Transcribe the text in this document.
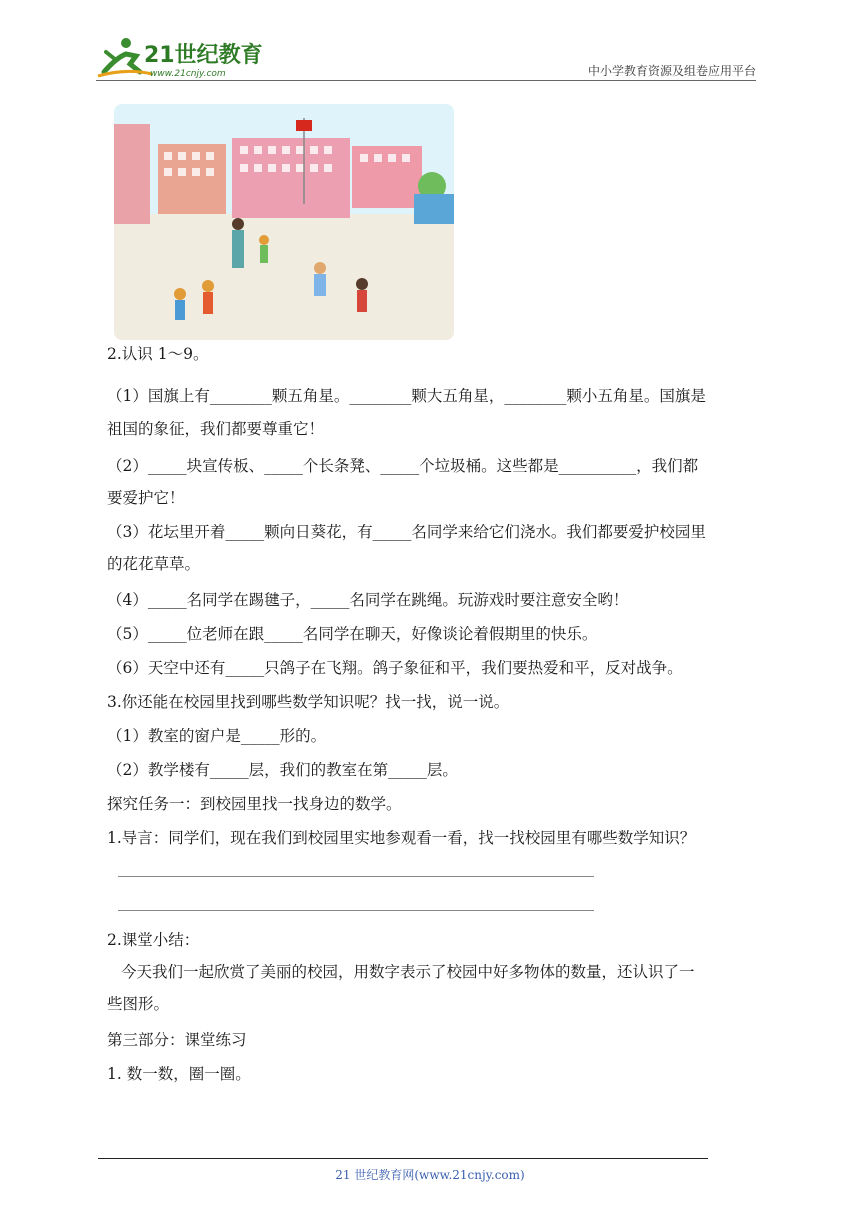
21世纪教育
www.21cnjy.com	中小学教育资源及组卷应用平台
2.认识 1～9。
（1）国旗上有________颗五角星。________颗大五角星，________颗小五角星。国旗是
祖国的象征，我们都要尊重它！
（2）_____块宣传板、_____个长条凳、_____个垃圾桶。这些都是__________，我们都
要爱护它！
（3）花坛里开着_____颗向日葵花，有_____名同学来给它们浇水。我们都要爱护校园里
的花花草草。
（4）_____名同学在踢毽子，_____名同学在跳绳。玩游戏时要注意安全哟！
（5）_____位老师在跟_____名同学在聊天，好像谈论着假期里的快乐。
（6）天空中还有_____只鸽子在飞翔。鸽子象征和平，我们要热爱和平，反对战争。
3.你还能在校园里找到哪些数学知识呢？找一找，说一说。
（1）教室的窗户是_____形的。
（2）教学楼有_____层，我们的教室在第_____层。
探究任务一：到校园里找一找身边的数学。
1.导言：同学们，现在我们到校园里实地参观看一看，找一找校园里有哪些数学知识？
2.课堂小结：
今天我们一起欣赏了美丽的校园，用数字表示了校园中好多物体的数量，还认识了一
些图形。
第三部分：课堂练习
1. 数一数，圈一圈。
21 世纪教育网(www.21cnjy.com)
